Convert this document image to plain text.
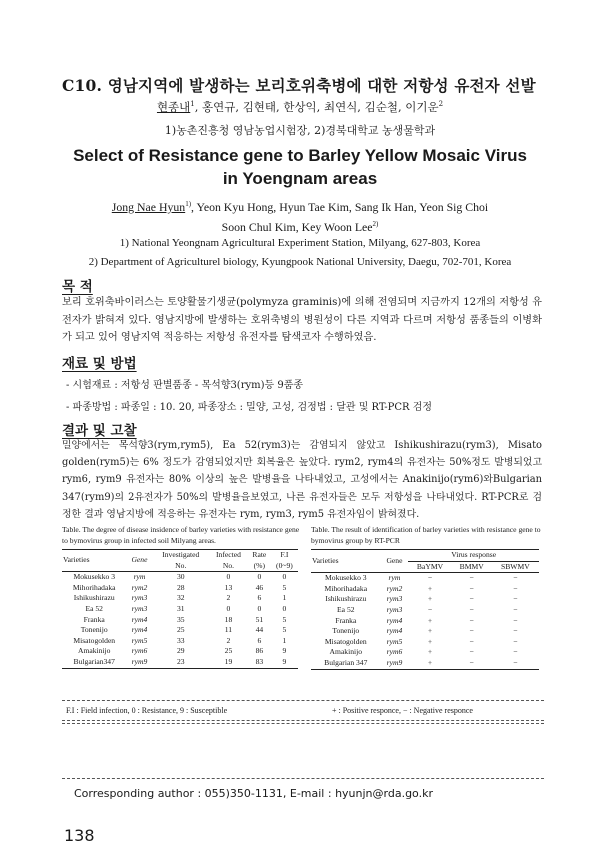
C10. 영남지역에 발생하는 보리호위축병에 대한 저항성 유전자 선발
현종내$^1$, 홍연규, 김현태, 한상익, 최연식, 김순철, 이기운$^2$
1)농촌진흥청 영남농업시험장, 2)경북대학교 농생물학과
Select of Resistance gene to Barley Yellow Mosaic Virus
in Yoengnam areas
Jong Nae Hyun$^{1)}$, Yeon Kyu Hong, Hyun Tae Kim, Sang Ik Han, Yeon Sig Choi
Soon Chul Kim, Key Woon Lee$^{2)}$
1) National Yeongnam Agricultural Experiment Station, Milyang, 627-803, Korea
2) Department of Agriculturel biology, Kyungpook National University, Daegu, 702-701, Korea
목 적
보리 호위축바이러스는 토양활물기생균(polymyza graminis)에 의해 전염되며 지금까지 12개의 저항성 유전자가 밝혀져 있다. 영남지방에 발생하는 호위축병의 병원성이 다른 지역과 다르며 저항성 품종들의 이병화가 되고 있어 영남지역 적응하는 저항성 유전자를 탐색코자 수행하였음.
재료 및 방법
- 시험재료 : 저항성 판별품종 - 목석향3(rym)등 9품종
- 파종방법 : 파종일 : 10. 20, 파종장소 : 밀양, 고성, 검정법 : 달관 및 RT-PCR 검정
결과 및 고찰
밀양에서는 목석향3(rym,rym5), Ea 52(rym3)는 감염되지 않았고 Ishikushirazu(rym3), Misato golden(rym5)는 6% 정도가 감염되었지만 회복율은 높았다. rym2, rym4의 유전자는 50%정도 발병되었고 rym6, rym9 유전자는 80% 이상의 높은 발병율을 나타내었고, 고성에서는 Anakinijo(rym6)와Bulgarian 347(rym9)의 2유전자가 50%의 발병율을보였고, 나른 유전자들은 모두 저항성을 나타내었다. RT-PCR로 검정한 결과 영남지방에 적응하는 유전자는 rym, rym3, rym5 유전자임이 밝혀졌다.
Table. The degree of disease insidence of barley varieties with resistance gene to bymovirus group in infected soil Milyang areas.
Table. The result of identification of barley varieties with resistance gene to bymovirus group by RT-PCR
Varieties	Gene	Investigated	Infected	Rate	F.I
		No.	No.	(%)	(0~9)
Mokusekko 3	rym	30	0	0	0
Mihorihadaka	rym2	28	13	46	5
Ishikushirazu	rym3	32	2	6	1
Ea 52	rym3	31	0	0	0
Franka	rym4	35	18	51	5
Tonenijo	rym4	25	11	44	5
Misatogolden	rym5	33	2	6	1
Amakinijo	rym6	29	25	86	9
Bulgarian347	rym9	23	19	83	9
Varieties	Gene	Virus response		
		BaYMV	BMMV	SBWMV
Mokusekko 3	rym	−	−	−
Mihorihadaka	rym2	+	−	−
Ishikushirazu	rym3	+	−	−
Ea 52	rym3	−	−	−
Franka	rym4	+	−	−
Tonenijo	rym4	+	−	−
Misatogolden	rym5	+	−	−
Amakinijo	rym6	+	−	−
Bulgarian 347	rym9	+	−	−
F.I : Field infection, 0 : Resistance, 9 : Susceptible	+ : Positive responce, − : Negative responce
Corresponding author : 055)350-1131, E-mail : hyunjn@rda.go.kr
138
